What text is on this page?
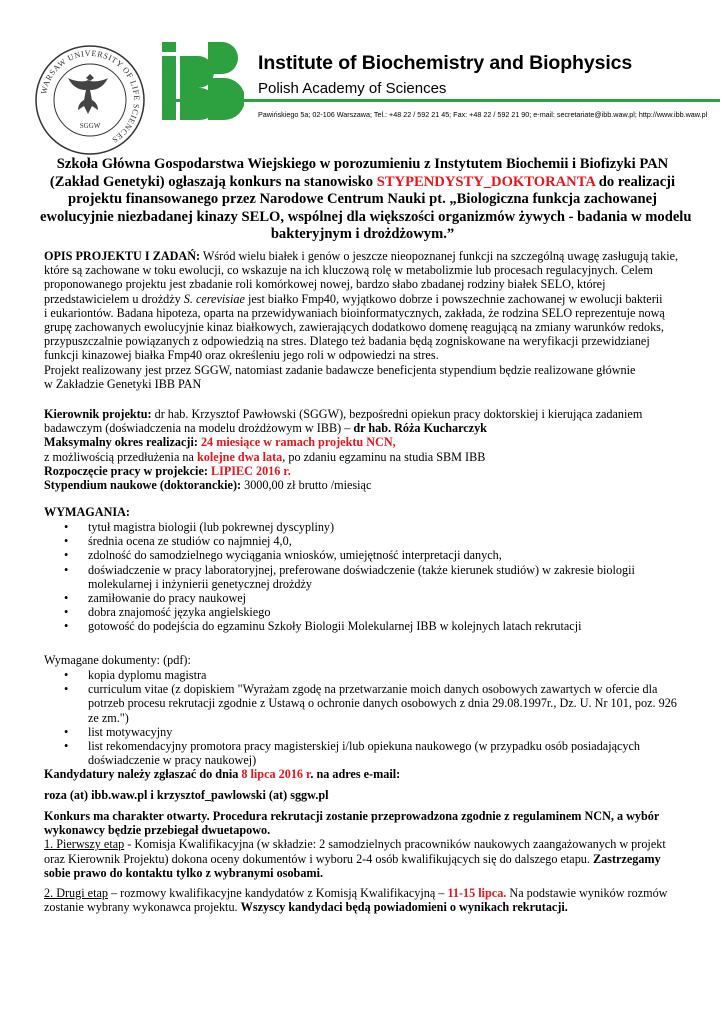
WARSAW UNIVERSITY OF LIFE SCIENCES
SGGW
Institute of Biochemistry and Biophysics
Polish Academy of Sciences
Pawińskiego 5a; 02-106 Warszawa; Tel.: +48 22 / 592 21 45; Fax: +48 22 / 592 21 90; e-mail: secretariate@ibb.waw.pl; http://www.ibb.waw.pl
Szkoła Główna Gospodarstwa Wiejskiego w porozumieniu z Instytutem Biochemii i Biofizyki PAN
(Zakład Genetyki) ogłaszają konkurs na stanowisko STYPENDYSTY_DOKTORANTA do realizacji
projektu finansowanego przez Narodowe Centrum Nauki pt. „Biologiczna funkcja zachowanej
ewolucyjnie niezbadanej kinazy SELO, wspólnej dla większości organizmów żywych - badania w modelu
bakteryjnym i drożdżowym.”
OPIS PROJEKTU I ZADAŃ: Wśród wielu białek i genów o jeszcze nieopoznanej funkcji na szczególną uwagę zasługują takie,
które są zachowane w toku ewolucji, co wskazuje na ich kluczową rolę w metabolizmie lub procesach regulacyjnych. Celem
proponowanego projektu jest zbadanie roli komórkowej nowej, bardzo słabo zbadanej rodziny białek SELO, której
przedstawicielem u drożdży S. cerevisiae jest białko Fmp40, wyjątkowo dobrze i powszechnie zachowanej w ewolucji bakterii
i eukariontów. Badana hipoteza, oparta na przewidywaniach bioinformatycznych, zakłada, że rodzina SELO reprezentuje nową
grupę zachowanych ewolucyjnie kinaz białkowych, zawierających dodatkowo domenę reagującą na zmiany warunków redoks,
przypuszczalnie powiązanych z odpowiedzią na stres. Dlatego też badania będą zogniskowane na weryfikacji przewidzianej
funkcji kinazowej białka Fmp40 oraz określeniu jego roli w odpowiedzi na stres.
Projekt realizowany jest przez SGGW, natomiast zadanie badawcze beneficjenta stypendium będzie realizowane głównie
w Zakładzie Genetyki IBB PAN
Kierownik projektu: dr hab. Krzysztof Pawłowski (SGGW), bezpośredni opiekun pracy doktorskiej i kierująca zadaniem
badawczym (doświadczenia na modelu drożdżowym w IBB) – dr hab. Róża Kucharczyk
Maksymalny okres realizacji: 24 miesiące w ramach projektu NCN,
z możliwością przedłużenia na kolejne dwa lata, po zdaniu egzaminu na studia SBM IBB
Rozpoczęcie pracy w projekcie: LIPIEC 2016 r.
Stypendium naukowe (doktoranckie): 3000,00 zł brutto /miesiąc
WYMAGANIA:
• tytuł magistra biologii (lub pokrewnej dyscypliny)
• średnia ocena ze studiów co najmniej 4,0,
• zdolność do samodzielnego wyciągania wniosków, umiejętność interpretacji danych,
• doświadczenie w pracy laboratoryjnej, preferowane doświadczenie (także kierunek studiów) w zakresie biologii
molekularnej i inżynierii genetycznej drożdży
• zamiłowanie do pracy naukowej
• dobra znajomość języka angielskiego
• gotowość do podejścia do egzaminu Szkoły Biologii Molekularnej IBB w kolejnych latach rekrutacji
Wymagane dokumenty: (pdf):
• kopia dyplomu magistra
• curriculum vitae (z dopiskiem "Wyrażam zgodę na przetwarzanie moich danych osobowych zawartych w ofercie dla
potrzeb procesu rekrutacji zgodnie z Ustawą o ochronie danych osobowych z dnia 29.08.1997r., Dz. U. Nr 101, poz. 926
ze zm.")
• list motywacyjny
• list rekomendacyjny promotora pracy magisterskiej i/lub opiekuna naukowego (w przypadku osób posiadających
doświadczenie w pracy naukowej)
Kandydatury należy zgłaszać do dnia 8 lipca 2016 r. na adres e-mail:
roza (at) ibb.waw.pl i krzysztof_pawlowski (at) sggw.pl
Konkurs ma charakter otwarty. Procedura rekrutacji zostanie przeprowadzona zgodnie z regulaminem NCN, a wybór
wykonawcy będzie przebiegał dwuetapowo.
1. Pierwszy etap - Komisja Kwalifikacyjna (w składzie: 2 samodzielnych pracowników naukowych zaangażowanych w projekt
oraz Kierownik Projektu) dokona oceny dokumentów i wyboru 2-4 osób kwalifikujących się do dalszego etapu. Zastrzegamy
sobie prawo do kontaktu tylko z wybranymi osobami.
2. Drugi etap – rozmowy kwalifikacyjne kandydatów z Komisją Kwalifikacyjną – 11-15 lipca. Na podstawie wyników rozmów
zostanie wybrany wykonawca projektu. Wszyscy kandydaci będą powiadomieni o wynikach rekrutacji.
